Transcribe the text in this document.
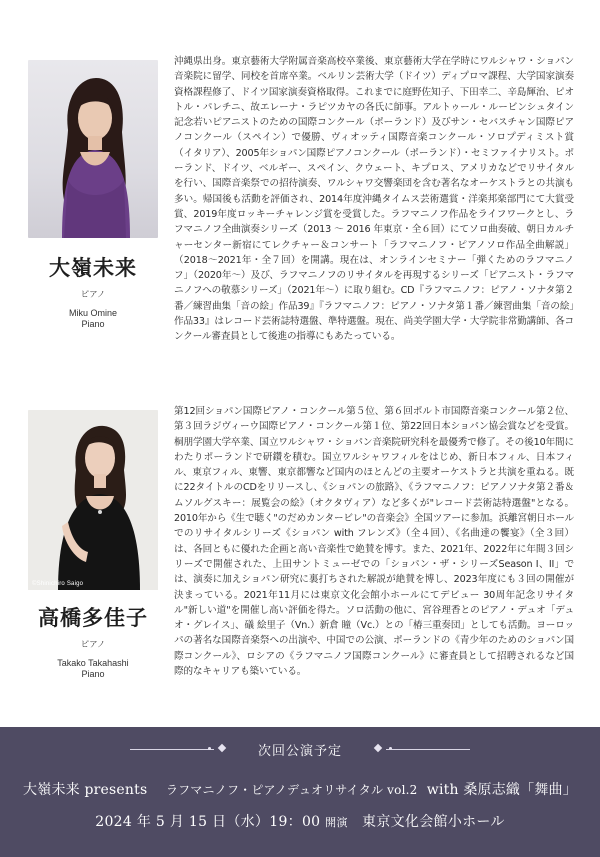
大嶺未来
ピアノ
Miku Omine
Piano

沖縄県出身。東京藝術大学附属音楽高校卒業後、東京藝術大学在学時にワルシャワ・ショパン音楽院に留学、同校を首席卒業。ベルリン芸術大学（ドイツ）ディプロマ課程、大学国家演奏資格課程修了、ドイツ国家演奏資格取得。これまでに庭野佐知子、下田幸二、辛島輝治、ピオトル・パレチニ、故エレーナ・ラピツカヤの各氏に師事。アルトゥール・ルービンシュタイン記念若いピアニストのための国際コンクール（ポーランド）及びサン・セバスチャン国際ピアノコンクール（スペイン）で優勝、ヴィオッティ国際音楽コンクール・ソロプディミスト賞（イタリア）、2005年ショパン国際ピアノコンクール（ポーランド）・セミファイナリスト。ポーランド、ドイツ、ベルギー、スペイン、クウェート、キプロス、アメリカなどでリサイタルを行い、国際音楽祭での招待演奏、ワルシャワ交響楽団を含む著名なオーケストラとの共演も多い。帰国後も活動を評価され、2014年度沖縄タイムス芸術選賞・洋楽邦楽部門にて大賞受賞、2019年度ロッキーチャレンジ賞を受賞した。ラフマニノフ作品をライフワークとし、ラフマニノフ全曲演奏シリーズ（2013 〜 2016 年東京・全６回）にてソロ曲奏破、朝日カルチャーセンター新宿にてレクチャー＆コンサート「ラフマニノフ・ピアノソロ作品全曲解説」（2018〜2021年・全７回）を開講。現在は、オンラインセミナー「弾くためのラフマニノフ」（2020年〜）及び、ラフマニノフのリサイタルを再現するシリーズ「ピアニスト・ラフマニノフへの敬慕シリーズ」（2021年〜）に取り組む。CD『ラフマニノフ：ピアノ・ソナタ第２番／練習曲集「音の絵」作品39』『ラフマニノフ：ピアノ・ソナタ第１番／練習曲集「音の絵」作品33』はレコード芸術誌特選盤、準特選盤。現在、尚美学園大学・大学院非常勤講師、各コンクール審査員として後進の指導にもあたっている。

©Shinichiro Saigo
高橋多佳子
ピアノ
Takako Takahashi
Piano

第12回ショパン国際ピアノ・コンクール第５位、第６回ポルト市国際音楽コンクール第２位、第３回ラジヴィーウ国際ピアノ・コンクール第１位、第22回日本ショパン協会賞などを受賞。桐朋学園大学卒業、国立ワルシャワ・ショパン音楽院研究科を最優秀で修了。その後10年間にわたりポーランドで研鑽を積む。国立ワルシャワフィルをはじめ、新日本フィル、日本フィル、東京フィル、東響、東京都響など国内のほとんどの主要オーケストラと共演を重ねる。既に22タイトルのCDをリリースし、《ショパンの旅路》、《ラフマニノフ：ピアノソナタ第２番＆ムソルグスキー：展覧会の絵》（オクタヴィア）など多くが"レコード芸術誌特選盤"となる。2010年から《生で聴く"のだめカンタービレ"の音楽会》全国ツアーに参加。浜離宮朝日ホールでのリサイタルシリーズ《ショパン with フレンズ》（全４回）、《名曲達の饗宴》（全３回）は、各回ともに優れた企画と高い音楽性で絶賛を博す。また、2021年、2022年に年間３回シリーズで開催された、上田サントミューゼでの「ショパン・ザ・シリーズSeason I、II」では、演奏に加えショパン研究に裏打ちされた解説が絶賛を博し、2023年度にも３回の開催が決まっている。2021年11月には東京文化会館小ホールにてデビュー 30周年記念リサイタル"新しい道"を開催し高い評価を得た。ソロ活動の他に、宮谷理香とのピアノ・デュオ「デュオ・グレイス」、礒 絵里子（Vn.）新倉 瞳（Vc.）との「椿三重奏団」としても活動。ヨーロッパの著名な国際音楽祭への出演や、中国での公演、ポーランドの《青少年のためのショパン国際コンクール》、ロシアの《ラフマニノフ国際コンクール》に審査員として招聘されるなど国際的なキャリアも築いている。

次回公演予定
大嶺未来 presents ラフマニノフ・ピアノデュオリサイタル vol.2 with 桑原志織「舞曲」
2024 年 5 月 15 日（水）19：00 開演 東京文化会館小ホール
